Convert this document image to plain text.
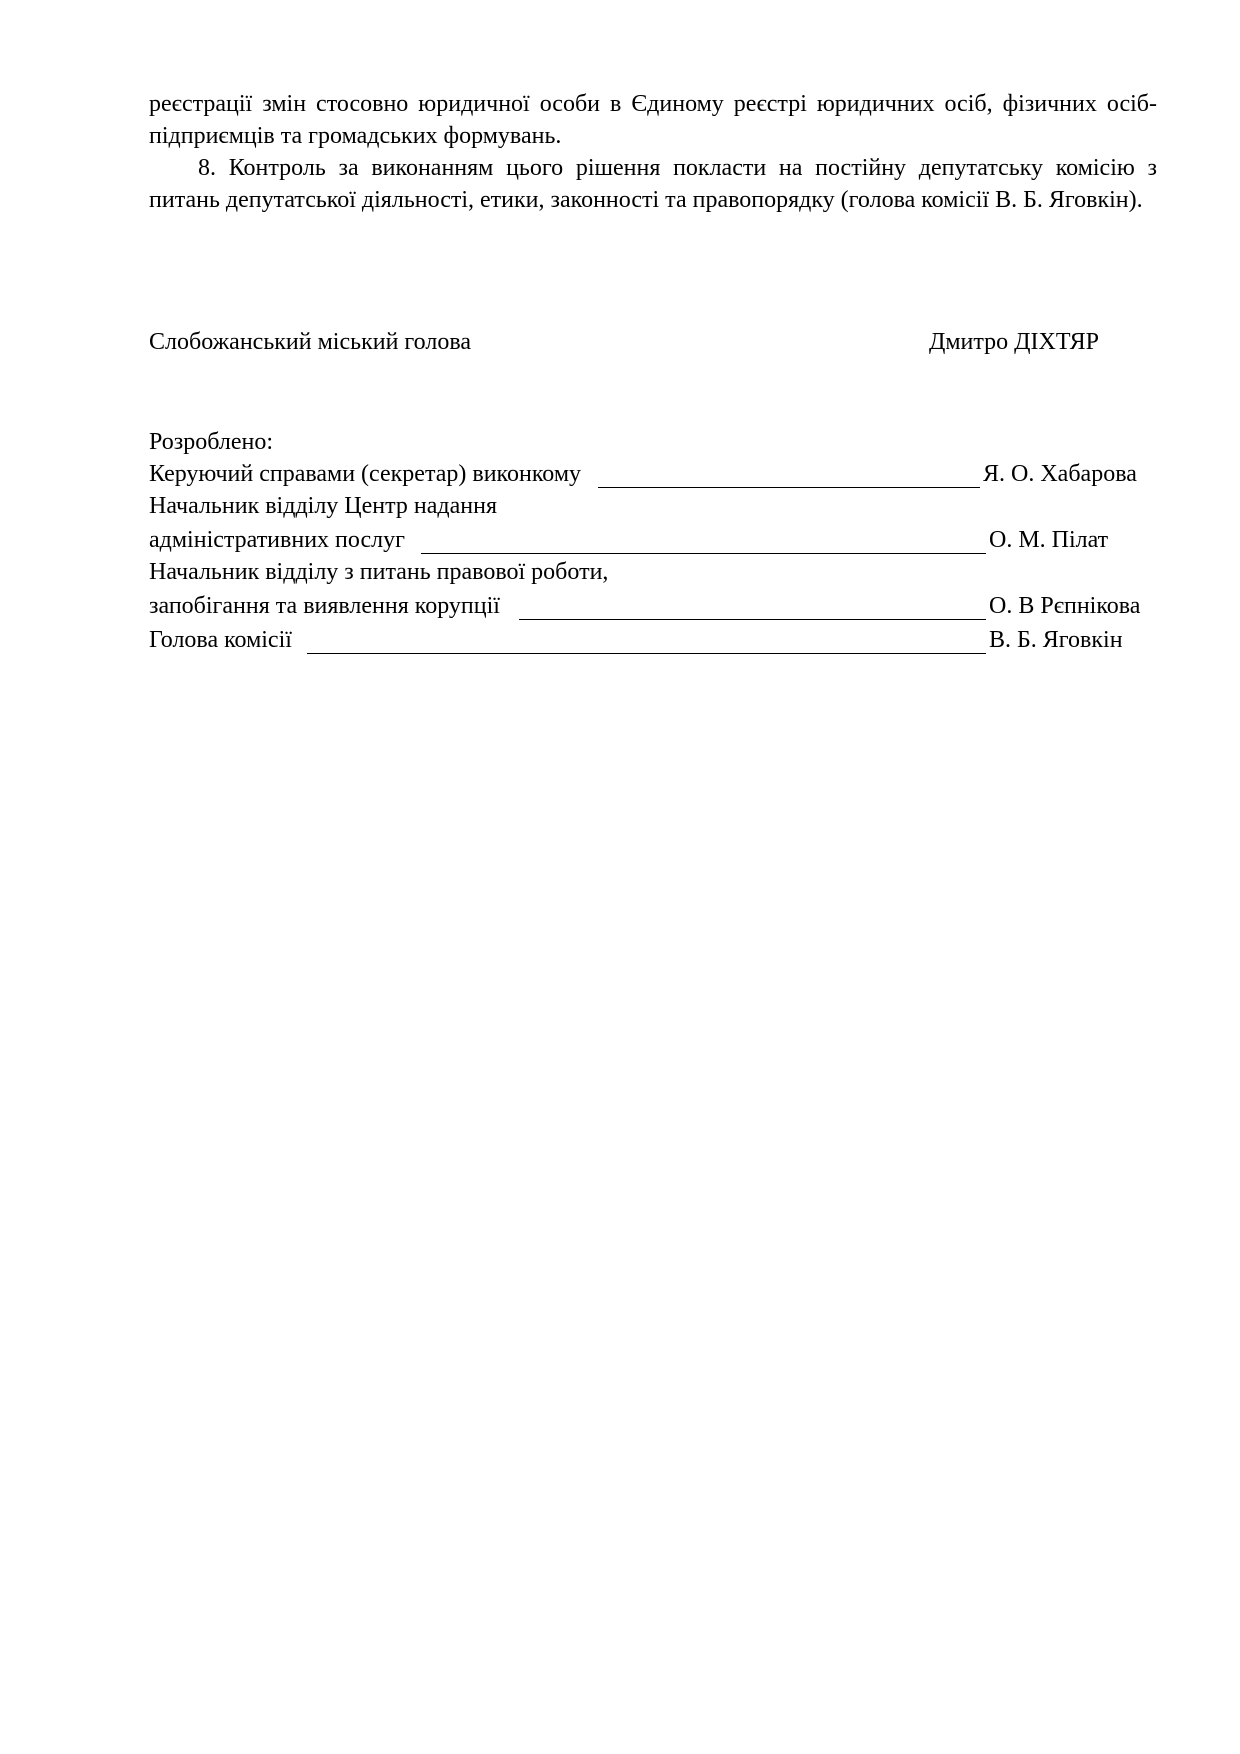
реєстрації змін стосовно юридичної особи в Єдиному реєстрі юридичних осіб, фізичних осіб-підприємців та громадських формувань.
8. Контроль за виконанням цього рішення покласти на постійну депутатську комісію з питань депутатської діяльності, етики, законності та правопорядку (голова комісії В. Б. Яговкін).
Слобожанський міський голова	Дмитро ДІХТЯР
Розроблено:
Керуючий справами (секретар) виконкому	Я. О. Хабарова
Начальник відділу Центр надання
адміністративних послуг	О. М. Пілат
Начальник відділу з питань правової роботи,
запобігання та виявлення корупції	О. В Рєпнікова
Голова комісії	В. Б. Яговкін
